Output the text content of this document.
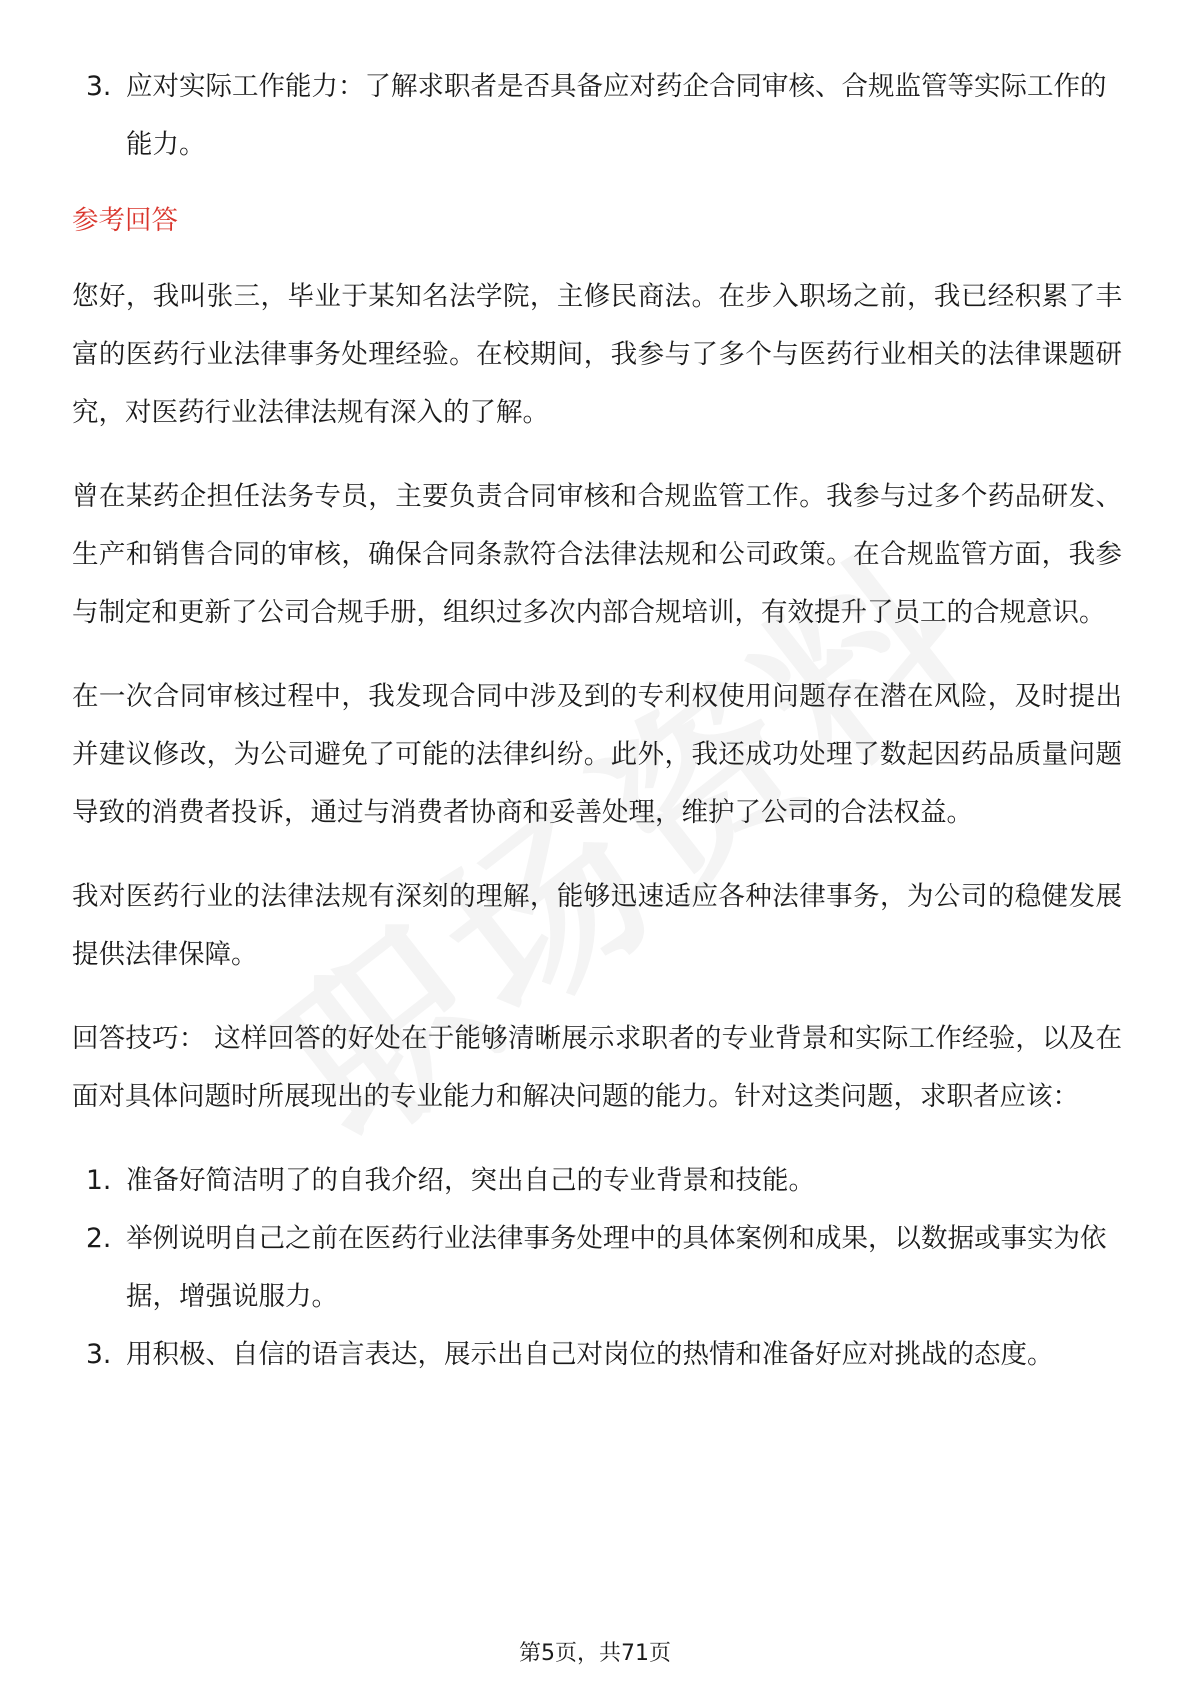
3. 应对实际工作能力：了解求职者是否具备应对药企合同审核、合规监管等实际工作的能力。
参考回答

您好，我叫张三，毕业于某知名法学院，主修民商法。在步入职场之前，我已经积累了丰富的医药行业法律事务处理经验。在校期间，我参与了多个与医药行业相关的法律课题研究，对医药行业法律法规有深入的了解。

曾在某药企担任法务专员，主要负责合同审核和合规监管工作。我参与过多个药品研发、生产和销售合同的审核，确保合同条款符合法律法规和公司政策。在合规监管方面，我参与制定和更新了公司合规手册，组织过多次内部合规培训，有效提升了员工的合规意识。

在一次合同审核过程中，我发现合同中涉及到的专利权使用问题存在潜在风险，及时提出并建议修改，为公司避免了可能的法律纠纷。此外，我还成功处理了数起因药品质量问题导致的消费者投诉，通过与消费者协商和妥善处理，维护了公司的合法权益。

我对医药行业的法律法规有深刻的理解，能够迅速适应各种法律事务，为公司的稳健发展提供法律保障。

回答技巧： 这样回答的好处在于能够清晰展示求职者的专业背景和实际工作经验，以及在面对具体问题时所展现出的专业能力和解决问题的能力。针对这类问题，求职者应该：

1. 准备好简洁明了的自我介绍，突出自己的专业背景和技能。
2. 举例说明自己之前在医药行业法律事务处理中的具体案例和成果，以数据或事实为依据，增强说服力。
3. 用积极、自信的语言表达，展示出自己对岗位的热情和准备好应对挑战的态度。
第5页，共71页
